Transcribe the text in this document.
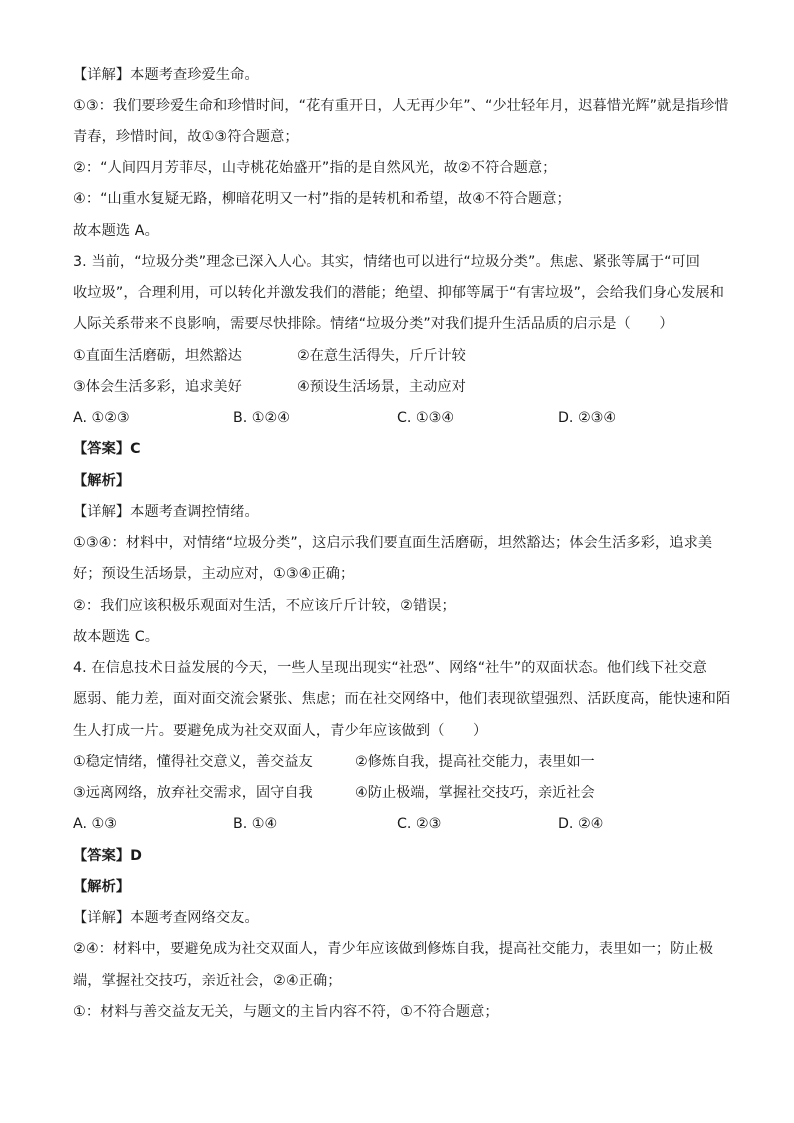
【详解】本题考查珍爱生命。
①③：我们要珍爱生命和珍惜时间，“花有重开日，人无再少年”、“少壮轻年月，迟暮惜光辉”就是指珍惜
青春，珍惜时间，故①③符合题意；
②：“人间四月芳菲尽，山寺桃花始盛开”指的是自然风光，故②不符合题意；
④：“山重水复疑无路，柳暗花明又一村”指的是转机和希望，故④不符合题意；
故本题选 A。
3. 当前，“垃圾分类”理念已深入人心。其实，情绪也可以进行“垃圾分类”。焦虑、紧张等属于“可回
收垃圾”，合理利用，可以转化并激发我们的潜能；绝望、抑郁等属于“有害垃圾”，会给我们身心发展和
人际关系带来不良影响，需要尽快排除。情绪“垃圾分类”对我们提升生活品质的启示是（　　）
①直面生活磨砺，坦然豁达	②在意生活得失，斤斤计较
③体会生活多彩，追求美好	④预设生活场景，主动应对
A. ①②③	B. ①②④	C. ①③④	D. ②③④
【答案】C
【解析】
【详解】本题考查调控情绪。
①③④：材料中，对情绪“垃圾分类”，这启示我们要直面生活磨砺，坦然豁达；体会生活多彩，追求美
好；预设生活场景，主动应对，①③④正确；
②：我们应该积极乐观面对生活，不应该斤斤计较，②错误；
故本题选 C。
4. 在信息技术日益发展的今天，一些人呈现出现实“社恐”、网络“社牛”的双面状态。他们线下社交意
愿弱、能力差，面对面交流会紧张、焦虑；而在社交网络中，他们表现欲望强烈、活跃度高，能快速和陌
生人打成一片。要避免成为社交双面人，青少年应该做到（　　）
①稳定情绪，懂得社交意义，善交益友	②修炼自我，提高社交能力，表里如一
③远离网络，放弃社交需求，固守自我	④防止极端，掌握社交技巧，亲近社会
A. ①③	B. ①④	C. ②③	D. ②④
【答案】D
【解析】
【详解】本题考查网络交友。
②④：材料中，要避免成为社交双面人，青少年应该做到修炼自我，提高社交能力，表里如一；防止极
端，掌握社交技巧，亲近社会，②④正确；
①：材料与善交益友无关，与题文的主旨内容不符，①不符合题意；
